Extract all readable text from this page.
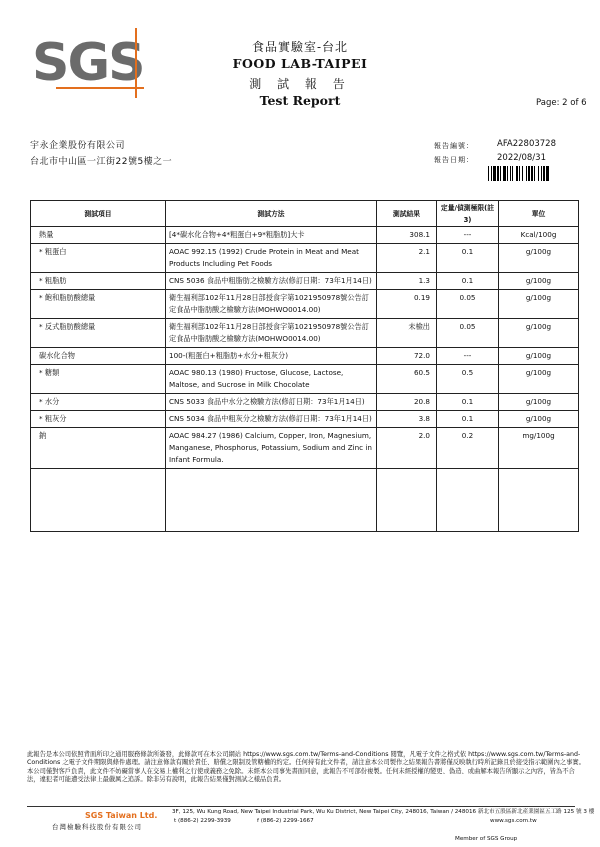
SGS	食品實驗室-台北
FOOD LAB-TAIPEI
測 試 報 告
Test Report	Page: 2 of 6
宇永企業股份有限公司
台北市中山區一江街22號5樓之一
報告編號：	AFA22803728
報告日期：	2022/08/31
測試項目	測試方法	測試結果	定量/偵測極限(註3)	單位
熱量	[4*碳水化合物+4*粗蛋白+9*粗脂肪]大卡	308.1	---	Kcal/100g
* 粗蛋白	AOAC 992.15 (1992) Crude Protein in Meat and Meat Products Including Pet Foods	2.1	0.1	g/100g
* 粗脂肪	CNS 5036 食品中粗脂肪之檢驗方法(修訂日期：73年1月14日)	1.3	0.1	g/100g
* 飽和脂肪酸總量	衛生福利部102年11月28日部授食字第1021950978號公告訂定食品中脂肪酸之檢驗方法(MOHWO0014.00)	0.19	0.05	g/100g
* 反式脂肪酸總量	衛生福利部102年11月28日部授食字第1021950978號公告訂定食品中脂肪酸之檢驗方法(MOHWO0014.00)	未檢出	0.05	g/100g
碳水化合物	100-(粗蛋白+粗脂肪+水分+粗灰分)	72.0	---	g/100g
* 糖類	AOAC 980.13 (1980) Fructose, Glucose, Lactose, Maltose, and Sucrose in Milk Chocolate	60.5	0.5	g/100g
* 水分	CNS 5033 食品中水分之檢驗方法(修訂日期：73年1月14日)	20.8	0.1	g/100g
* 粗灰分	CNS 5034 食品中粗灰分之檢驗方法(修訂日期：73年1月14日)	3.8	0.1	g/100g
鈉	AOAC 984.27 (1986) Calcium, Copper, Iron, Magnesium, Manganese, Phosphorus, Potassium, Sodium and Zinc in Infant Formula.	2.0	0.2	mg/100g

此報告是本公司依照背面所印之通用服務條款所簽發，此條款可在本公司網站 https://www.sgs.com.tw/Terms-and-Conditions 閱覽，凡電子文件之格式依 https://www.sgs.com.tw/Terms-and-Conditions 之電子文件期限與條件處理。請注意條款有關於責任、賠償之限制及管轄權的約定。任何持有此文件者，請注意本公司製作之結果報告書將僅反映執行時所記錄且於接受指示範圍內之事實。本公司僅對客戶負責，此文件不妨礙當事人在交易上權利之行使或義務之免除。未經本公司事先書面同意，此報告不可部份複製。任何未經授權的變更、偽造、或曲解本報告所顯示之內容，皆為不合法，違犯者可能遭受法律上最嚴厲之追訴。除非另有說明，此報告結果僅對測試之樣品負責。
SGS Taiwan Ltd.
台灣檢驗科技股份有限公司
3F, 125, Wu Kung Road, New Taipei Industrial Park, Wu Ku District, New Taipei City, 248016, Taiwan / 248016 新北市五股區新北產業園區五工路 125 號 3 樓
t (886-2) 2299-3939	f (886-2) 2299-1667	www.sgs.com.tw
Member of SGS Group
